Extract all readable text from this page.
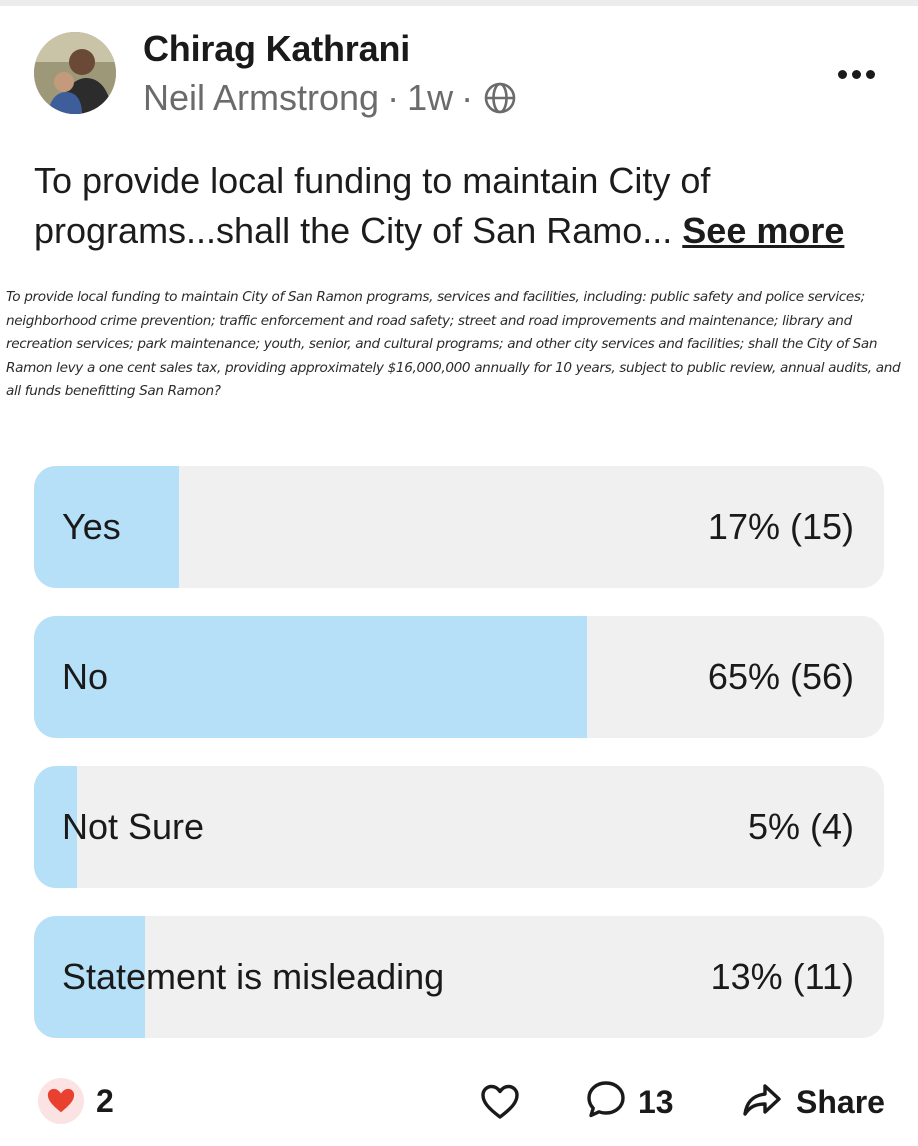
Chirag Kathrani
Neil Armstrong · 1w ·
To provide local funding to maintain City of programs...shall the City of San Ramo... See more
To provide local funding to maintain City of San Ramon programs, services and facilities, including: public safety and police services; neighborhood crime prevention; traffic enforcement and road safety; street and road improvements and maintenance; library and recreation services; park maintenance; youth, senior, and cultural programs; and other city services and facilities; shall the City of San Ramon levy a one cent sales tax, providing approximately $16,000,000 annually for 10 years, subject to public review, annual audits, and all funds benefitting San Ramon?
Yes	17% (15)
No	65% (56)
Not Sure	5% (4)
Statement is misleading	13% (11)
2	13	Share
